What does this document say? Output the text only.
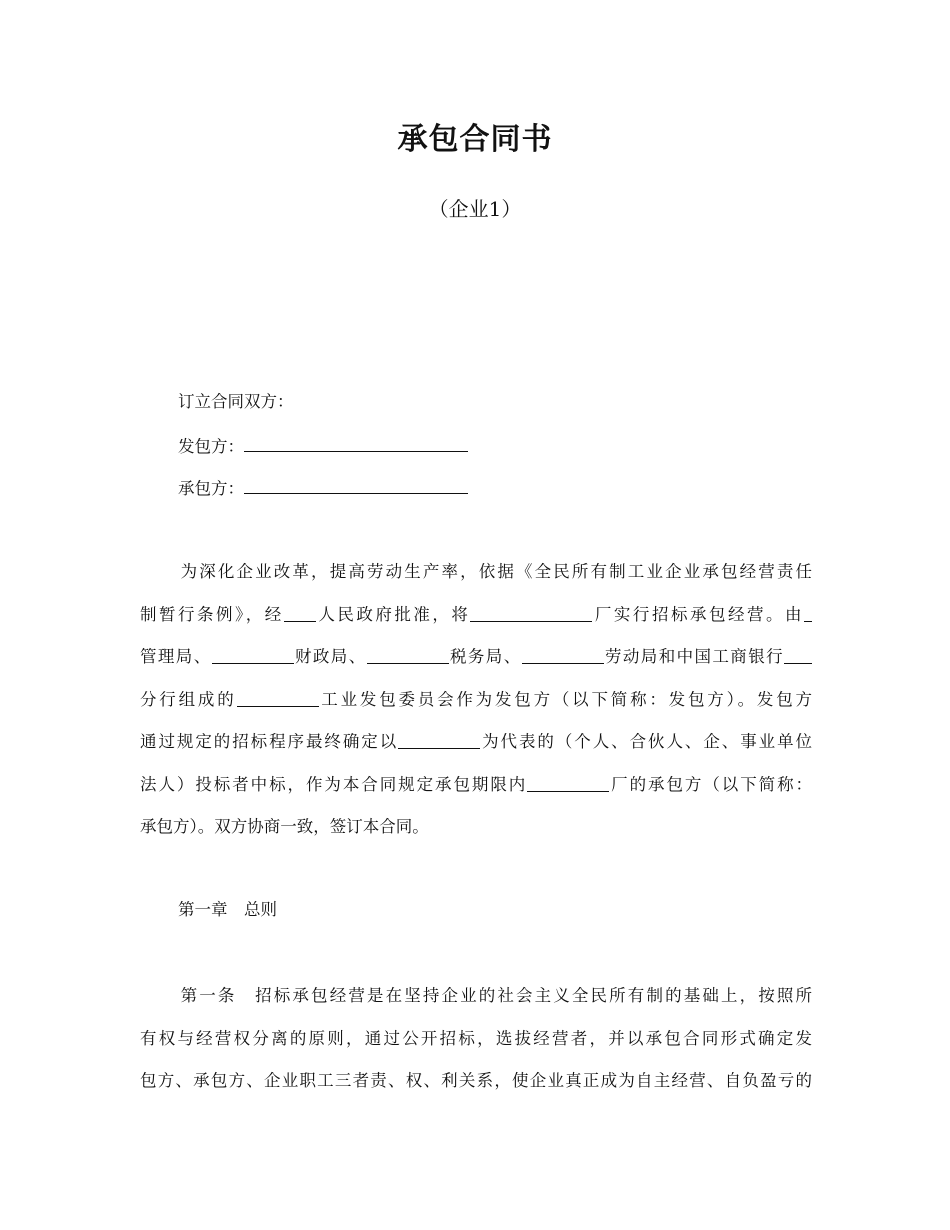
承包合同书
（企业1）
订立合同双方：
发包方：
承包方：
　为深化企业改革，提高劳动生产率，依据《全民所有制工业企业承包经营责任
制暂行条例》，经 人民政府批准，将	厂实行招标承包经营。由
管理局、	财政局、	税务局、	劳动局和中国工商银行
分行组成的	工业发包委员会作为发包方（以下简称：发包方）。发包方
通过规定的招标程序最终确定以	为代表的（个人、合伙人、企、事业单位
法人）投标者中标，作为本合同规定承包期限内	厂的承包方（以下简称：
承包方）。双方协商一致，签订本合同。
第一章　总则
　第一条　招标承包经营是在坚持企业的社会主义全民所有制的基础上，按照所
有权与经营权分离的原则，通过公开招标，选拔经营者，并以承包合同形式确定发
包方、承包方、企业职工三者责、权、利关系，使企业真正成为自主经营、自负盈亏的
